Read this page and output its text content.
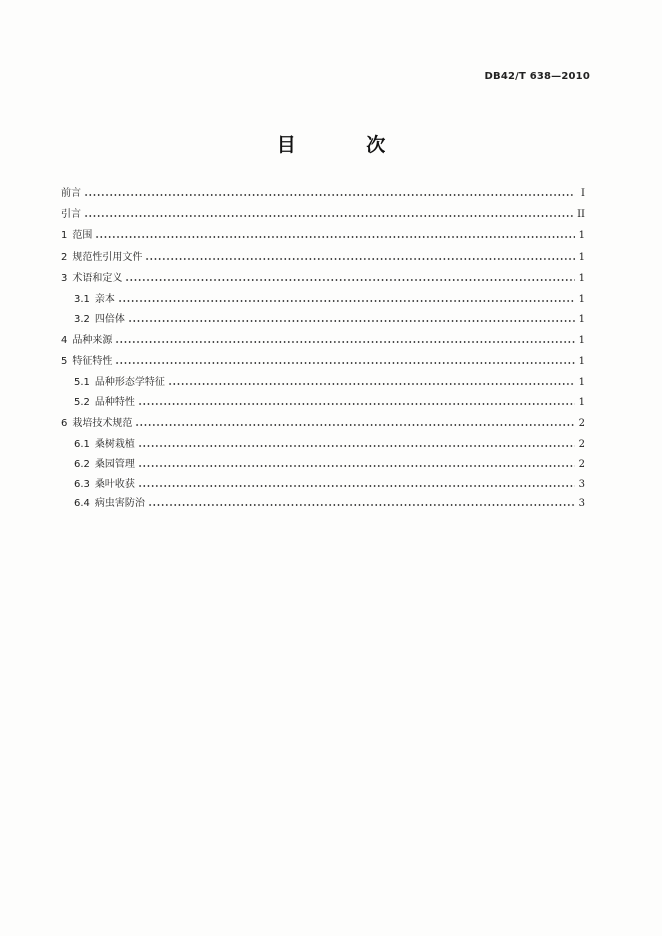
DB42/T 638—2010
目 次
前言	I
引言	II
1 范围	1
2 规范性引用文件	1
3 术语和定义	1
3.1 亲本	1
3.2 四倍体	1
4 品种来源	1
5 特征特性	1
5.1 品种形态学特征	1
5.2 品种特性	1
6 栽培技术规范	2
6.1 桑树栽植	2
6.2 桑园管理	2
6.3 桑叶收获	3
6.4 病虫害防治	3
